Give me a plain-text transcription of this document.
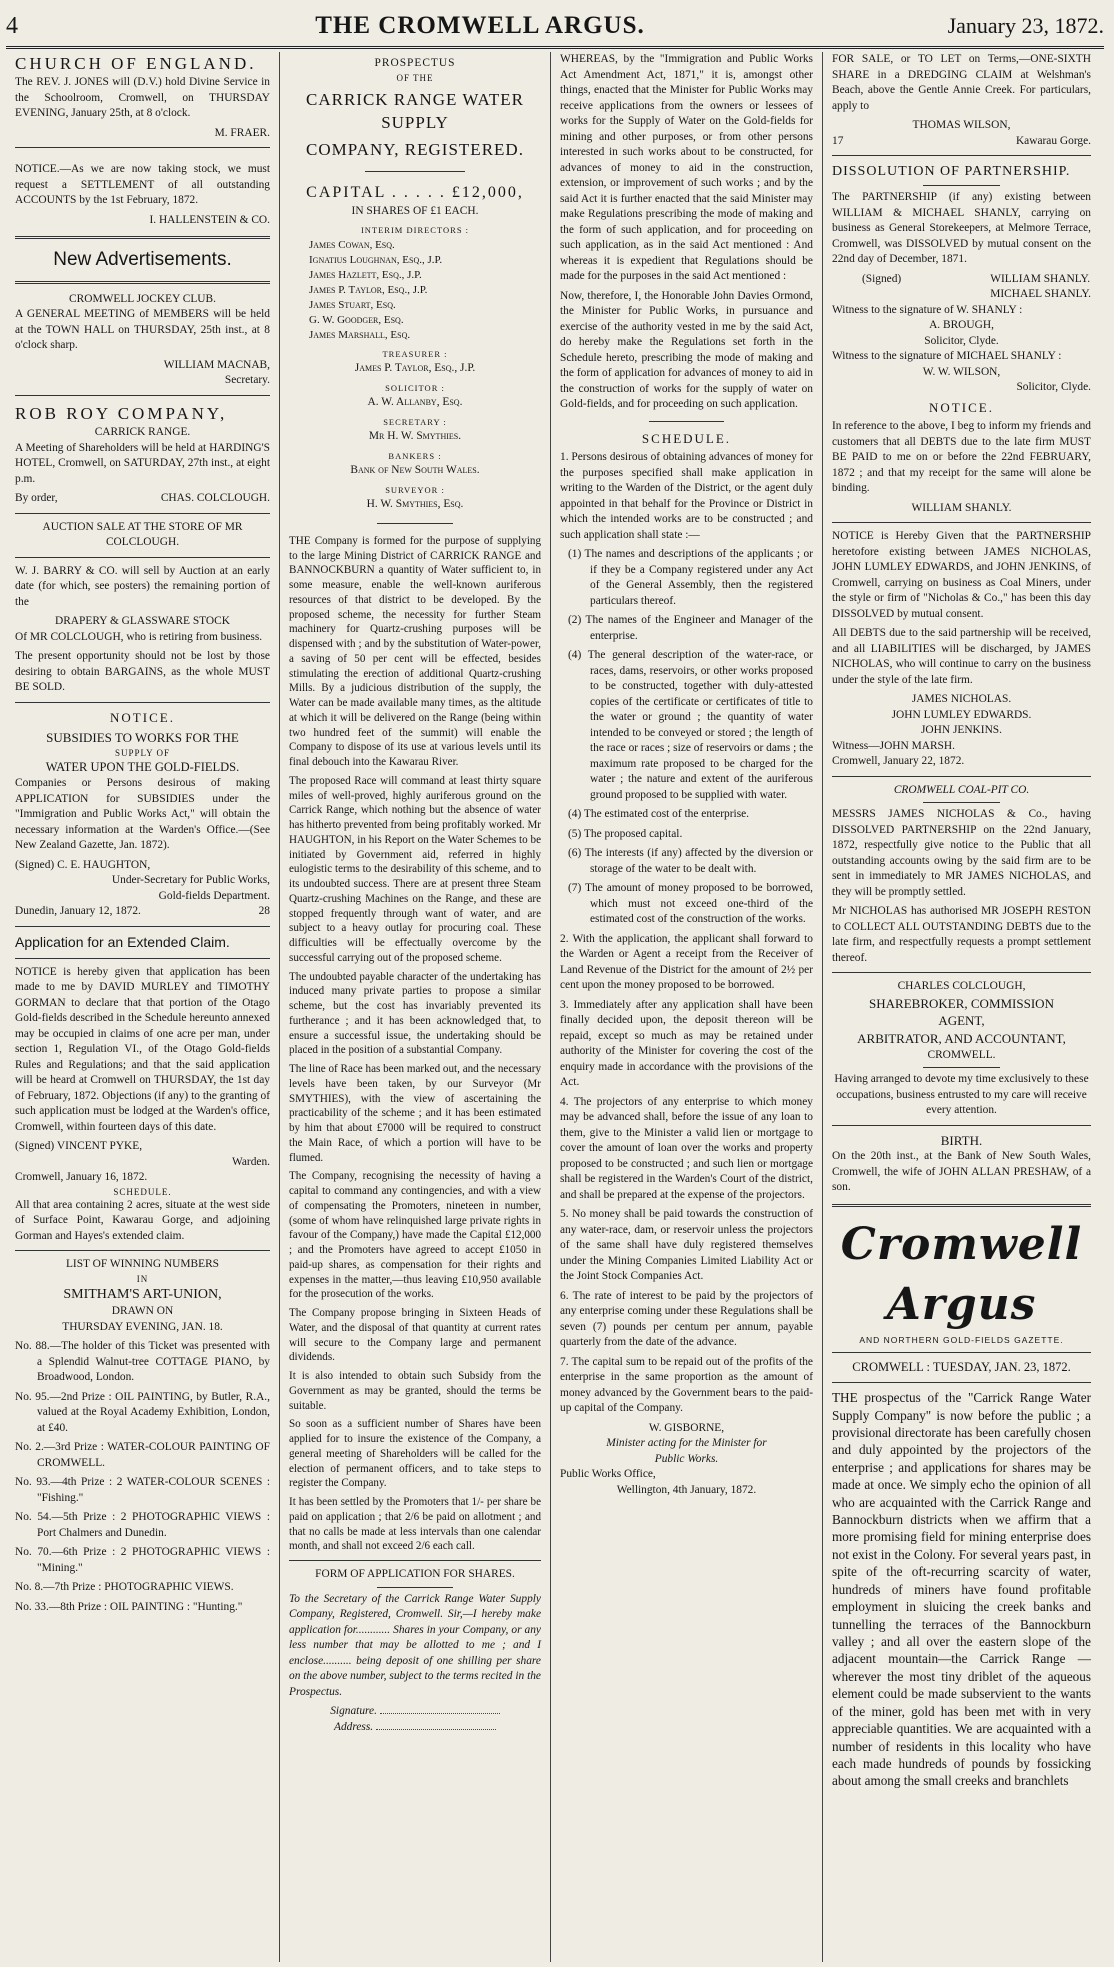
4	THE CROMWELL ARGUS.	January 23, 1872.
CHURCH OF ENGLAND.

The REV. J. JONES will (D.V.) hold Divine Service in the Schoolroom, Cromwell, on THURSDAY EVENING, January 25th, at 8 o'clock.

M. FRAER.

NOTICE.—As we are now taking stock, we must request a SETTLEMENT of all outstanding ACCOUNTS by the 1st February, 1872.

I. HALLENSTEIN & CO.
New Advertisements.
CROMWELL JOCKEY CLUB.

A GENERAL MEETING of MEMBERS will be held at the TOWN HALL on THURSDAY, 25th inst., at 8 o'clock sharp.

WILLIAM MACNAB,
Secretary.
ROB ROY COMPANY,
CARRICK RANGE.

A Meeting of Shareholders will be held at HARDING'S HOTEL, Cromwell, on SATURDAY, 27th inst., at eight p.m.

By order,	CHAS. COLCLOUGH.
AUCTION SALE AT THE STORE OF MR COLCLOUGH.

W. J. BARRY & CO. will sell by Auction at an early date (for which, see posters) the remaining portion of the

DRAPERY & GLASSWARE STOCK

Of MR COLCLOUGH, who is retiring from business.

The present opportunity should not be lost by those desiring to obtain BARGAINS, as the whole MUST BE SOLD.

NOTICE.
SUBSIDIES TO WORKS FOR THE
SUPPLY OF
WATER UPON THE GOLD-FIELDS.

Companies or Persons desirous of making APPLICATION for SUBSIDIES under the "Immigration and Public Works Act," will obtain the necessary information at the Warden's Office.—(See New Zealand Gazette, Jan. 1872).

(Signed) C. E. HAUGHTON,
Under-Secretary for Public Works,
Gold-fields Department.
Dunedin, January 12, 1872.	28
Application for an Extended Claim.

NOTICE is hereby given that application has been made to me by DAVID MURLEY and TIMOTHY GORMAN to declare that that portion of the Otago Gold-fields described in the Schedule hereunto annexed may be occupied in claims of one acre per man, under section 1, Regulation VI., of the Otago Gold-fields Rules and Regulations; and that the said application will be heard at Cromwell on THURSDAY, the 1st day of February, 1872. Objections (if any) to the granting of such application must be lodged at the Warden's office, Cromwell, within fourteen days of this date.

(Signed) VINCENT PYKE,
Warden.
Cromwell, January 16, 1872.
SCHEDULE.

All that area containing 2 acres, situate at the west side of Surface Point, Kawarau Gorge, and adjoining Gorman and Hayes's extended claim.

LIST OF WINNING NUMBERS
IN
SMITHAM'S ART-UNION,
DRAWN ON
THURSDAY EVENING, JAN. 18.
No. 88.—The holder of this Ticket was presented with a Splendid Walnut-tree COTTAGE PIANO, by Broadwood, London.
No. 95.—2nd Prize : OIL PAINTING, by Butler, R.A., valued at the Royal Academy Exhibition, London, at £40.
No. 2.—3rd Prize : WATER-COLOUR PAINTING OF CROMWELL.
No. 93.—4th Prize : 2 WATER-COLOUR SCENES : "Fishing."
No. 54.—5th Prize : 2 PHOTOGRAPHIC VIEWS : Port Chalmers and Dunedin.
No. 70.—6th Prize : 2 PHOTOGRAPHIC VIEWS : "Mining."
No. 8.—7th Prize : PHOTOGRAPHIC VIEWS.
No. 33.—8th Prize : OIL PAINTING : "Hunting."
PROSPECTUS
OF THE
CARRICK RANGE WATER SUPPLY
COMPANY, REGISTERED.
CAPITAL . . . . . £12,000,
IN SHARES OF £1 EACH.
INTERIM DIRECTORS :
James Cowan, Esq.
Ignatius Loughnan, Esq., J.P.
James Hazlett, Esq., J.P.
James P. Taylor, Esq., J.P.
James Stuart, Esq.
G. W. Goodger, Esq.
James Marshall, Esq.
TREASURER :
James P. Taylor, Esq., J.P.
SOLICITOR :
A. W. Allanby, Esq.
SECRETARY :
Mr H. W. Smythies.
BANKERS :
Bank of New South Wales.
SURVEYOR :
H. W. Smythies, Esq.

THE Company is formed for the purpose of supplying to the large Mining District of CARRICK RANGE and BANNOCKBURN a quantity of Water sufficient to, in some measure, enable the well-known auriferous resources of that district to be developed. By the proposed scheme, the necessity for further Steam machinery for Quartz-crushing purposes will be dispensed with ; and by the substitution of Water-power, a saving of 50 per cent will be effected, besides stimulating the erection of additional Quartz-crushing Mills. By a judicious distribution of the supply, the Water can be made available many times, as the altitude at which it will be delivered on the Range (being within two hundred feet of the summit) will enable the Company to dispose of its use at various levels until its final debouch into the Kawarau River.

The proposed Race will command at least thirty square miles of well-proved, highly auriferous ground on the Carrick Range, which nothing but the absence of water has hitherto prevented from being profitably worked. Mr HAUGHTON, in his Report on the Water Schemes to be initiated by Government aid, referred in highly eulogistic terms to the desirability of this scheme, and to its undoubted success. There are at present three Steam Quartz-crushing Machines on the Range, and these are stopped frequently through want of water, and are subject to a heavy outlay for procuring coal. These difficulties will be effectually overcome by the successful carrying out of the proposed scheme.

The undoubted payable character of the undertaking has induced many private parties to propose a similar scheme, but the cost has invariably prevented its furtherance ; and it has been acknowledged that, to ensure a successful issue, the undertaking should be placed in the position of a substantial Company.

The line of Race has been marked out, and the necessary levels have been taken, by our Surveyor (Mr SMYTHIES), with the view of ascertaining the practicability of the scheme ; and it has been estimated by him that about £7000 will be required to construct the Main Race, of which a portion will have to be flumed.

The Company, recognising the necessity of having a capital to command any contingencies, and with a view of compensating the Promoters, nineteen in number, (some of whom have relinquished large private rights in favour of the Company,) have made the Capital £12,000 ; and the Promoters have agreed to accept £1050 in paid-up shares, as compensation for their rights and expenses in the matter,—thus leaving £10,950 available for the prosecution of the works.

The Company propose bringing in Sixteen Heads of Water, and the disposal of that quantity at current rates will secure to the Company large and permanent dividends.

It is also intended to obtain such Subsidy from the Government as may be granted, should the terms be suitable.

So soon as a sufficient number of Shares have been applied for to insure the existence of the Company, a general meeting of Shareholders will be called for the election of permanent officers, and to take steps to register the Company.

It has been settled by the Promoters that 1/- per share be paid on application ; that 2/6 be paid on allotment ; and that no calls be made at less intervals than one calendar month, and shall not exceed 2/6 each call.

FORM OF APPLICATION FOR SHARES.

To the Secretary of the Carrick Range Water Supply Company, Registered, Cromwell. Sir,—I hereby make application for............ Shares in your Company, or any less number that may be allotted to me ; and I enclose.......... being deposit of one shilling per share on the above number, subject to the terms recited in the Prospectus.

Signature.
Address.

WHEREAS, by the "Immigration and Public Works Act Amendment Act, 1871," it is, amongst other things, enacted that the Minister for Public Works may receive applications from the owners or lessees of works for the Supply of Water on the Gold-fields for mining and other purposes, or from other persons interested in such works about to be constructed, for advances of money to aid in the construction, extension, or improvement of such works ; and by the said Act it is further enacted that the said Minister may make Regulations prescribing the mode of making and the form of such application, and for proceeding on such application, as in the said Act mentioned : And whereas it is expedient that Regulations should be made for the purposes in the said Act mentioned :

Now, therefore, I, the Honorable John Davies Ormond, the Minister for Public Works, in pursuance and exercise of the authority vested in me by the said Act, do hereby make the Regulations set forth in the Schedule hereto, prescribing the mode of making and the form of application for advances of money to aid in the construction of works for the supply of water on Gold-fields, and for proceeding on such application.

SCHEDULE.

1. Persons desirous of obtaining advances of money for the purposes specified shall make application in writing to the Warden of the District, or the agent duly appointed in that behalf for the Province or District in which the intended works are to be constructed ; and such application shall state :—

(1) The names and descriptions of the applicants ; or if they be a Company registered under any Act of the General Assembly, then the registered particulars thereof.
(2) The names of the Engineer and Manager of the enterprise.
(4) The general description of the water-race, or races, dams, reservoirs, or other works proposed to be constructed, together with duly-attested copies of the certificate or certificates of title to the water or ground ; the quantity of water intended to be conveyed or stored ; the length of the race or races ; size of reservoirs or dams ; the maximum rate proposed to be charged for the water ; the nature and extent of the auriferous ground proposed to be supplied with water.
(4) The estimated cost of the enterprise.
(5) The proposed capital.
(6) The interests (if any) affected by the diversion or storage of the water to be dealt with.
(7) The amount of money proposed to be borrowed, which must not exceed one-third of the estimated cost of the construction of the works.

2. With the application, the applicant shall forward to the Warden or Agent a receipt from the Receiver of Land Revenue of the District for the amount of 2½ per cent upon the money proposed to be borrowed.

3. Immediately after any application shall have been finally decided upon, the deposit thereon will be repaid, except so much as may be retained under authority of the Minister for covering the cost of the enquiry made in accordance with the provisions of the Act.

4. The projectors of any enterprise to which money may be advanced shall, before the issue of any loan to them, give to the Minister a valid lien or mortgage to cover the amount of loan over the works and property proposed to be constructed ; and such lien or mortgage shall be registered in the Warden's Court of the district, and shall be prepared at the expense of the projectors.

5. No money shall be paid towards the construction of any water-race, dam, or reservoir unless the projectors of the same shall have duly registered themselves under the Mining Companies Limited Liability Act or the Joint Stock Companies Act.

6. The rate of interest to be paid by the projectors of any enterprise coming under these Regulations shall be seven (7) pounds per centum per annum, payable quarterly from the date of the advance.

7. The capital sum to be repaid out of the profits of the enterprise in the same proportion as the amount of money advanced by the Government bears to the paid-up capital of the Company.

W. GISBORNE,
Minister acting for the Minister for
Public Works.
Public Works Office,
Wellington, 4th January, 1872.

FOR SALE, or TO LET on Terms,—ONE-SIXTH SHARE in a DREDGING CLAIM at Welshman's Beach, above the Gentle Annie Creek. For particulars, apply to

THOMAS WILSON,
17	Kawarau Gorge.
DISSOLUTION OF PARTNERSHIP.

The PARTNERSHIP (if any) existing between WILLIAM & MICHAEL SHANLY, carrying on business as General Storekeepers, at Melmore Terrace, Cromwell, was DISSOLVED by mutual consent on the 22nd day of December, 1871.

(Signed)	WILLIAM SHANLY.
MICHAEL SHANLY.
Witness to the signature of W. SHANLY :
A. BROUGH,
Solicitor, Clyde.
Witness to the signature of MICHAEL SHANLY :
W. W. WILSON,
Solicitor, Clyde.
NOTICE.

In reference to the above, I beg to inform my friends and customers that all DEBTS due to the late firm MUST BE PAID to me on or before the 22nd FEBRUARY, 1872 ; and that my receipt for the same will alone be binding.

WILLIAM SHANLY.

NOTICE is Hereby Given that the PARTNERSHIP heretofore existing between JAMES NICHOLAS, JOHN LUMLEY EDWARDS, and JOHN JENKINS, of Cromwell, carrying on business as Coal Miners, under the style or firm of "Nicholas & Co.," has been this day DISSOLVED by mutual consent.

All DEBTS due to the said partnership will be received, and all LIABILITIES will be discharged, by JAMES NICHOLAS, who will continue to carry on the business under the style of the late firm.

JAMES NICHOLAS.
JOHN LUMLEY EDWARDS.
JOHN JENKINS.
Witness—JOHN MARSH.
Cromwell, January 22, 1872.
CROMWELL COAL-PIT CO.

MESSRS JAMES NICHOLAS & Co., having DISSOLVED PARTNERSHIP on the 22nd January, 1872, respectfully give notice to the Public that all outstanding accounts owing by the said firm are to be sent in immediately to MR JAMES NICHOLAS, and they will be promptly settled.

Mr NICHOLAS has authorised MR JOSEPH RESTON to COLLECT ALL OUTSTANDING DEBTS due to the late firm, and respectfully requests a prompt settlement thereof.

CHARLES COLCLOUGH,
SHAREBROKER, COMMISSION
AGENT,
ARBITRATOR, AND ACCOUNTANT,
CROMWELL.

Having arranged to devote my time exclusively to these occupations, business entrusted to my care will receive every attention.

BIRTH.

On the 20th inst., at the Bank of New South Wales, Cromwell, the wife of JOHN ALLAN PRESHAW, of a son.

Cromwell Argus
AND NORTHERN GOLD-FIELDS GAZETTE.
CROMWELL : TUESDAY, JAN. 23, 1872.

THE prospectus of the "Carrick Range Water Supply Company" is now before the public ; a provisional directorate has been carefully chosen and duly appointed by the projectors of the enterprise ; and applications for shares may be made at once. We simply echo the opinion of all who are acquainted with the Carrick Range and Bannockburn districts when we affirm that a more promising field for mining enterprise does not exist in the Colony. For several years past, in spite of the oft-recurring scarcity of water, hundreds of miners have found profitable employment in sluicing the creek banks and tunnelling the terraces of the Bannockburn valley ; and all over the eastern slope of the adjacent mountain—the Carrick Range —wherever the most tiny driblet of the aqueous element could be made subservient to the wants of the miner, gold has been met with in very appreciable quantities. We are acquainted with a number of residents in this locality who have each made hundreds of pounds by fossicking about among the small creeks and branchlets
